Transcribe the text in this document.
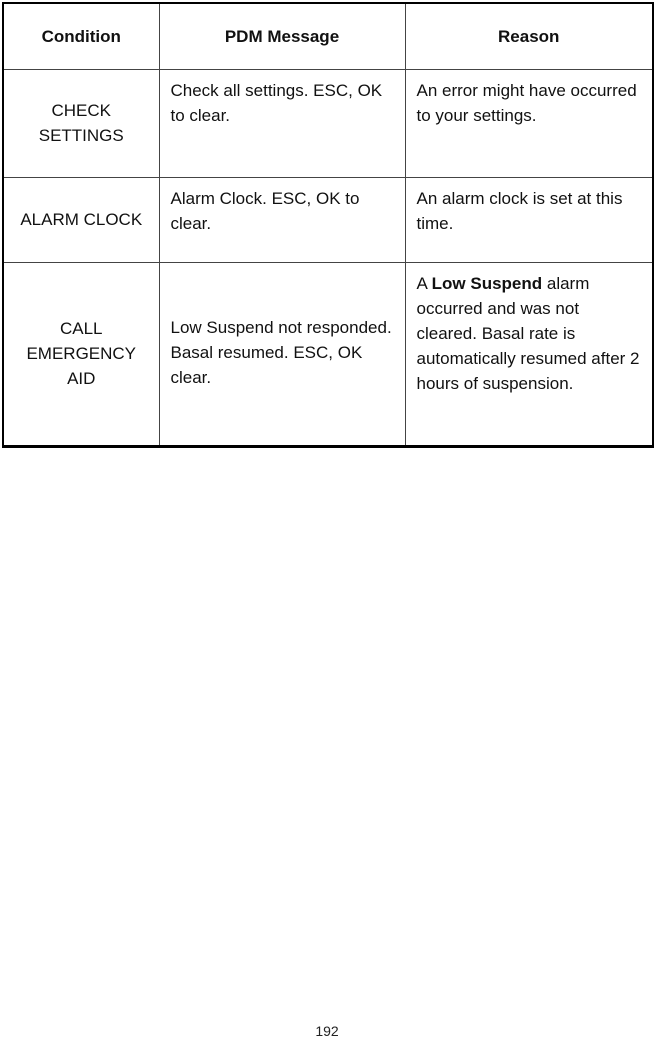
Condition	PDM Message	Reason
CHECK SETTINGS	Check all settings. ESC, OK to clear.	An error might have occurred to your settings.
ALARM CLOCK	Alarm Clock. ESC, OK to clear.	An alarm clock is set at this time.
CALL EMERGENCY AID	Low Suspend not responded. Basal resumed. ESC, OK clear.	A Low Suspend alarm occurred and was not cleared. Basal rate is automatically resumed after 2 hours of suspension.
192
